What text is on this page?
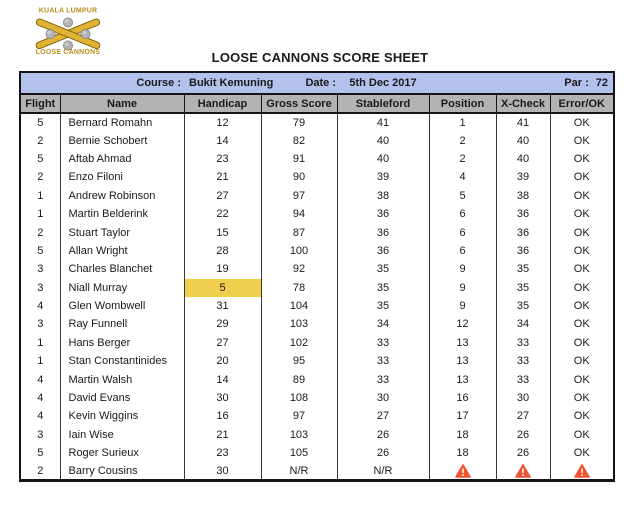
KUALA LUMPUR
LOOSE CANNONS	LOOSE CANNONS SCORE SHEET
Course :		Bukit Kemuning Date :		5th Dec 2017	Par : 72		

Flight	Name	Handicap	Gross Score	Stableford	Position	X-Check	Error/OK
5	Bernard Romahn	12	79	41	1	41	OK
2	Bernie Schobert	14	82	40	2	40	OK
5	Aftab Ahmad	23	91	40	2	40	OK
2	Enzo Filoni	21	90	39	4	39	OK
1	Andrew Robinson	27	97	38	5	38	OK
1	Martin Belderink	22	94	36	6	36	OK
2	Stuart Taylor	15	87	36	6	36	OK
5	Allan Wright	28	100	36	6	36	OK
3	Charles Blanchet	19	92	35	9	35	OK
3	Niall Murray	5	78	35	9	35	OK
4	Glen Wombwell	31	104	35	9	35	OK
3	Ray Funnell	29	103	34	12	34	OK
1	Hans Berger	27	102	33	13	33	OK
1	Stan Constantinides	20	95	33	13	33	OK
4	Martin Walsh	14	89	33	13	33	OK
4	David Evans	30	108	30	16	30	OK
4	Kevin Wiggins	16	97	27	17	27	OK
3	Iain Wise	21	103	26	18	26	OK
5	Roger Surieux	23	105	26	18	26	OK
2	Barry Cousins	30	N/R	N/R			
